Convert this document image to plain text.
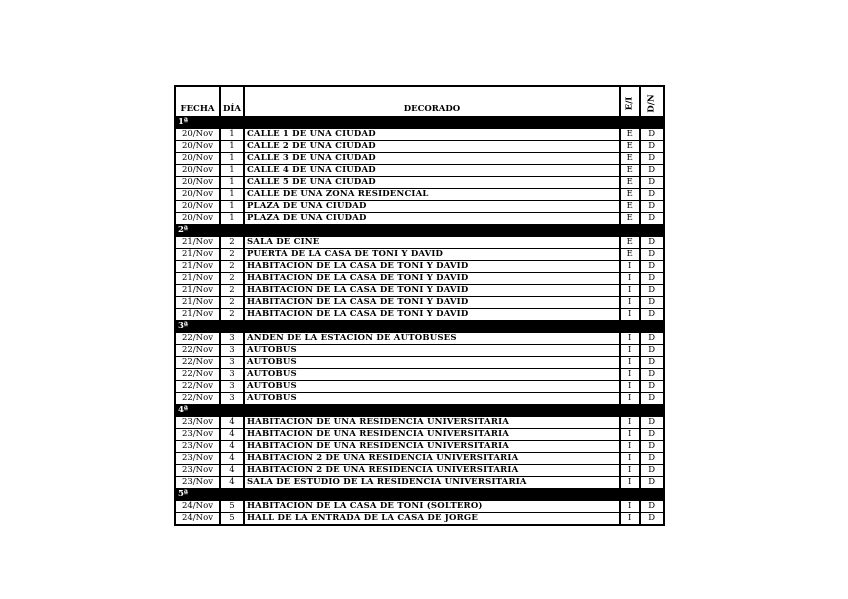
FECHA	DÍA	DECORADO	E/I	D/N
1ª				
20/Nov	1	CALLE 1 DE UNA CIUDAD	E	D
20/Nov	1	CALLE 2 DE UNA CIUDAD	E	D
20/Nov	1	CALLE 3 DE UNA CIUDAD	E	D
20/Nov	1	CALLE 4 DE UNA CIUDAD	E	D
20/Nov	1	CALLE 5 DE UNA CIUDAD	E	D
20/Nov	1	CALLE DE UNA ZONA RESIDENCIAL	E	D
20/Nov	1	PLAZA DE UNA CIUDAD	E	D
20/Nov	1	PLAZA DE UNA CIUDAD	E	D
2ª				
21/Nov	2	SALA DE CINE	E	D
21/Nov	2	PUERTA DE LA CASA DE TONI Y DAVID	E	D
21/Nov	2	HABITACION DE LA CASA DE TONI Y DAVID	I	D
21/Nov	2	HABITACION DE LA CASA DE TONI Y DAVID	I	D
21/Nov	2	HABITACION DE LA CASA DE TONI Y DAVID	I	D
21/Nov	2	HABITACION DE LA CASA DE TONI Y DAVID	I	D
21/Nov	2	HABITACION DE LA CASA DE TONI Y DAVID	I	D
3ª				
22/Nov	3	ANDEN DE LA ESTACION DE AUTOBUSES	I	D
22/Nov	3	AUTOBUS	I	D
22/Nov	3	AUTOBUS	I	D
22/Nov	3	AUTOBUS	I	D
22/Nov	3	AUTOBUS	I	D
22/Nov	3	AUTOBUS	I	D
4ª				
23/Nov	4	HABITACION DE UNA RESIDENCIA UNIVERSITARIA	I	D
23/Nov	4	HABITACION DE UNA RESIDENCIA UNIVERSITARIA	I	D
23/Nov	4	HABITACION DE UNA RESIDENCIA UNIVERSITARIA	I	D
23/Nov	4	HABITACION 2 DE UNA RESIDENCIA UNIVERSITARIA	I	D
23/Nov	4	HABITACION 2 DE UNA RESIDENCIA UNIVERSITARIA	I	D
23/Nov	4	SALA DE ESTUDIO DE LA RESIDENCIA UNIVERSITARIA	I	D
5ª				
24/Nov	5	HABITACION DE LA CASA DE TONI (SOLTERO)	I	D
24/Nov	5	HALL DE LA ENTRADA DE LA CASA DE JORGE	I	D
